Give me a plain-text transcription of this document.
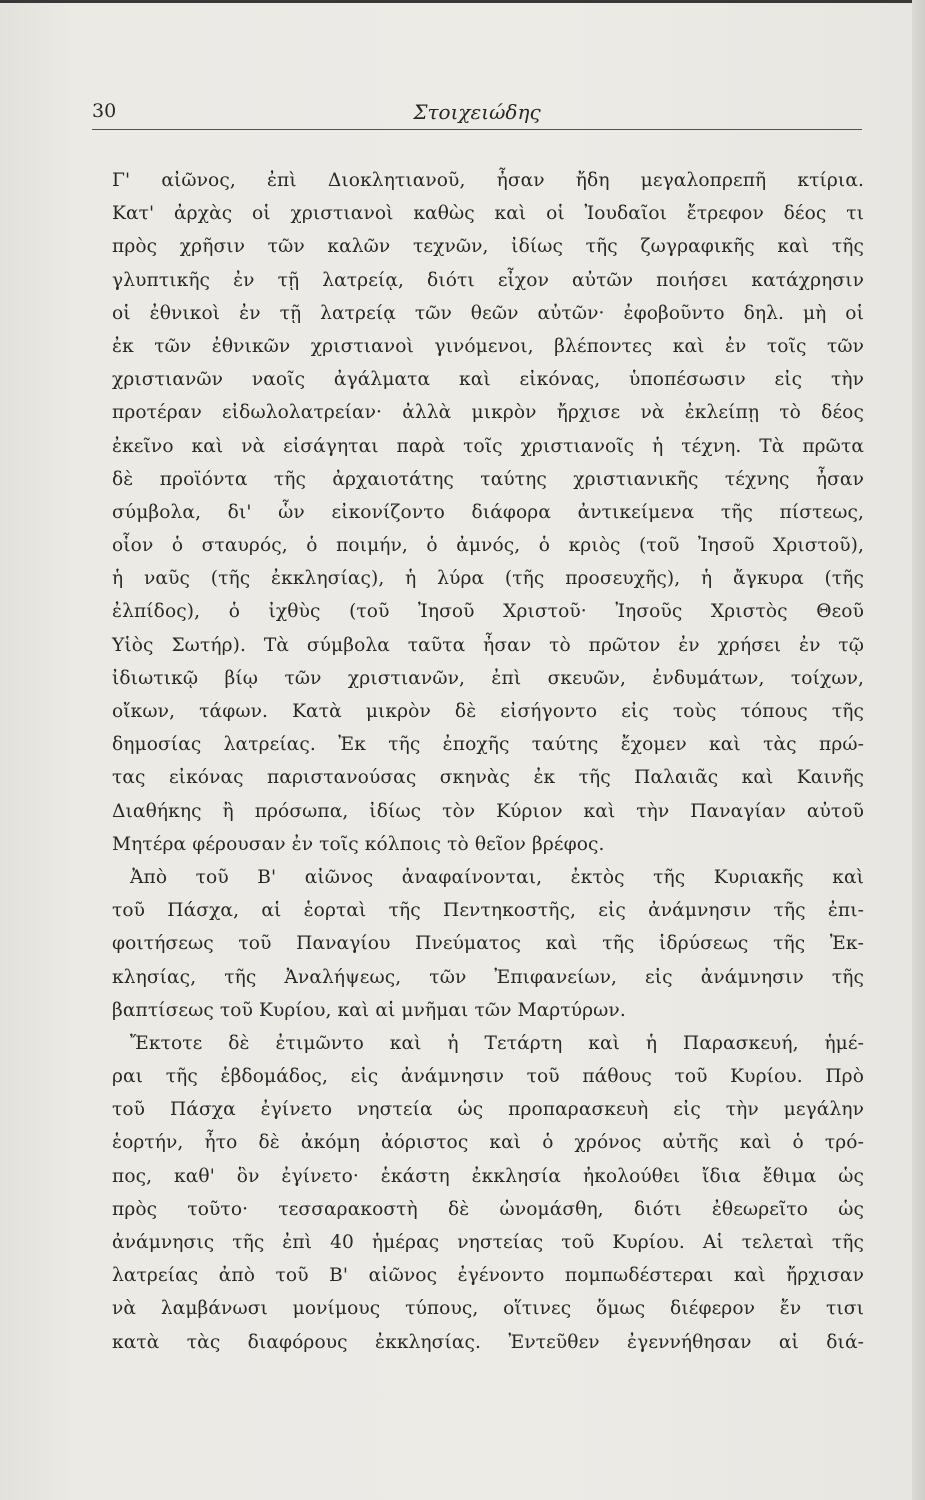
30	Στοιχειώδης
Γ' αἰῶνος, ἐπὶ Διοκλητιανοῦ, ἦσαν ἤδη μεγαλοπρεπῆ κτίρια.
Κατ' ἀρχὰς οἱ χριστιανοὶ καθὼς καὶ οἱ Ἰουδαῖοι ἔτρεφον δέος τι
πρὸς χρῆσιν τῶν καλῶν τεχνῶν, ἰδίως τῆς ζωγραφικῆς καὶ τῆς
γλυπτικῆς ἐν τῇ λατρείᾳ, διότι εἶχον αὐτῶν ποιήσει κατάχρησιν
οἱ ἐθνικοὶ ἐν τῇ λατρείᾳ τῶν θεῶν αὐτῶν· ἐφοβοῦντο δηλ. μὴ οἱ
ἐκ τῶν ἐθνικῶν χριστιανοὶ γινόμενοι, βλέποντες καὶ ἐν τοῖς τῶν
χριστιανῶν ναοῖς ἀγάλματα καὶ εἰκόνας, ὑποπέσωσιν εἰς τὴν
προτέραν εἰδωλολατρείαν· ἀλλὰ μικρὸν ἤρχισε νὰ ἐκλείπῃ τὸ δέος
ἐκεῖνο καὶ νὰ εἰσάγηται παρὰ τοῖς χριστιανοῖς ἡ τέχνη. Τὰ πρῶτα
δὲ προϊόντα τῆς ἀρχαιοτάτης ταύτης χριστιανικῆς τέχνης ἦσαν
σύμβολα, δι' ὧν εἰκονίζοντο διάφορα ἀντικείμενα τῆς πίστεως,
οἷον ὁ σταυρός, ὁ ποιμήν, ὁ ἀμνός, ὁ κριὸς (τοῦ Ἰησοῦ Χριστοῦ),
ἡ ναῦς (τῆς ἐκκλησίας), ἡ λύρα (τῆς προσευχῆς), ἡ ἄγκυρα (τῆς
ἐλπίδος), ὁ ἰχθὺς (τοῦ Ἰησοῦ Χριστοῦ· Ἰησοῦς Χριστὸς Θεοῦ
Υἱὸς Σωτήρ). Τὰ σύμβολα ταῦτα ἦσαν τὸ πρῶτον ἐν χρήσει ἐν τῷ
ἰδιωτικῷ βίῳ τῶν χριστιανῶν, ἐπὶ σκευῶν, ἐνδυμάτων, τοίχων,
οἴκων, τάφων. Κατὰ μικρὸν δὲ εἰσήγοντο εἰς τοὺς τόπους τῆς
δημοσίας λατρείας. Ἐκ τῆς ἐποχῆς ταύτης ἔχομεν καὶ τὰς πρώ-
τας εἰκόνας παριστανούσας σκηνὰς ἐκ τῆς Παλαιᾶς καὶ Καινῆς
Διαθήκης ἢ πρόσωπα, ἰδίως τὸν Κύριον καὶ τὴν Παναγίαν αὐτοῦ
Μητέρα φέρουσαν ἐν τοῖς κόλποις τὸ θεῖον βρέφος.
Ἀπὸ τοῦ Β' αἰῶνος ἀναφαίνονται, ἐκτὸς τῆς Κυριακῆς καὶ
τοῦ Πάσχα, αἱ ἑορταὶ τῆς Πεντηκοστῆς, εἰς ἀνάμνησιν τῆς ἐπι-
φοιτήσεως τοῦ Παναγίου Πνεύματος καὶ τῆς ἱδρύσεως τῆς Ἐκ-
κλησίας, τῆς Ἀναλήψεως, τῶν Ἐπιφανείων, εἰς ἀνάμνησιν τῆς
βαπτίσεως τοῦ Κυρίου, καὶ αἱ μνῆμαι τῶν Μαρτύρων.
Ἔκτοτε δὲ ἐτιμῶντο καὶ ἡ Τετάρτη καὶ ἡ Παρασκευή, ἡμέ-
ραι τῆς ἑβδομάδος, εἰς ἀνάμνησιν τοῦ πάθους τοῦ Κυρίου. Πρὸ
τοῦ Πάσχα ἐγίνετο νηστεία ὡς προπαρασκευὴ εἰς τὴν μεγάλην
ἑορτήν, ἦτο δὲ ἀκόμη ἀόριστος καὶ ὁ χρόνος αὐτῆς καὶ ὁ τρό-
πος, καθ' ὃν ἐγίνετο· ἑκάστη ἐκκλησία ἠκολούθει ἴδια ἔθιμα ὡς
πρὸς τοῦτο· τεσσαρακοστὴ δὲ ὠνομάσθη, διότι ἐθεωρεῖτο ὡς
ἀνάμνησις τῆς ἐπὶ 40 ἡμέρας νηστείας τοῦ Κυρίου. Αἱ τελεταὶ τῆς
λατρείας ἀπὸ τοῦ Β' αἰῶνος ἐγένοντο πομπωδέστεραι καὶ ἤρχισαν
νὰ λαμβάνωσι μονίμους τύπους, οἵτινες ὅμως διέφερον ἔν τισι
κατὰ τὰς διαφόρους ἐκκλησίας. Ἐντεῦθεν ἐγεννήθησαν αἱ διά-
